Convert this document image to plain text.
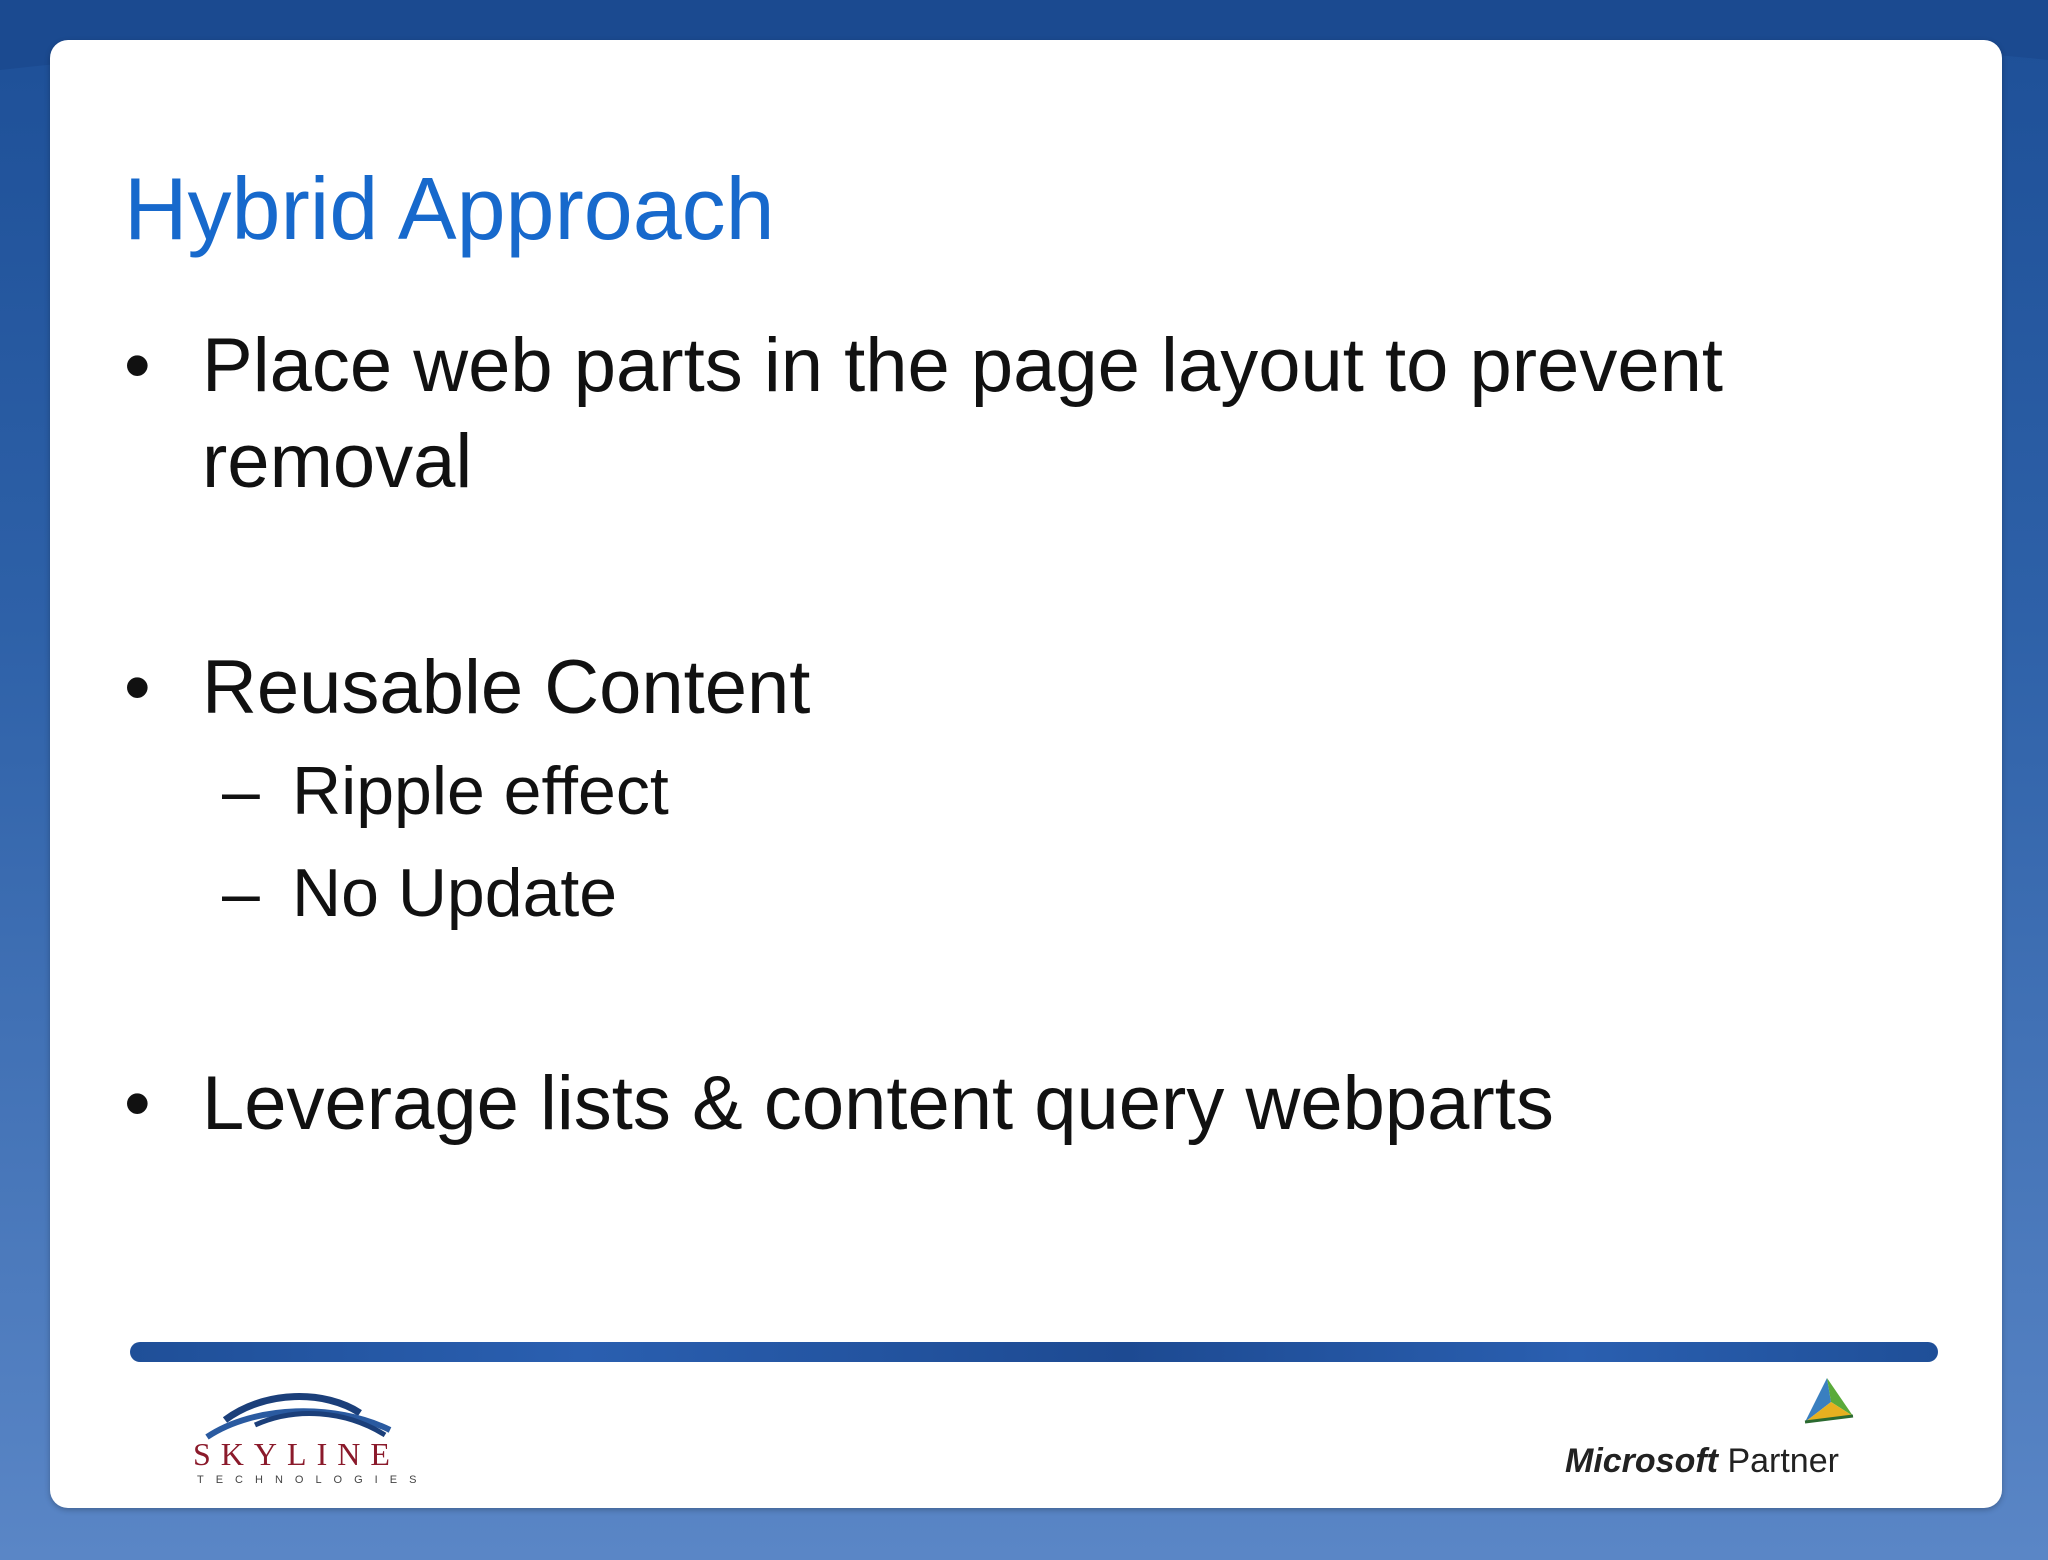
Hybrid Approach
• Place web parts in the page layout to prevent
removal
• Reusable Content
– Ripple effect
– No Update
• Leverage lists & content query webparts
SKYLINE
TECHNOLOGIES	Microsoft Partner
